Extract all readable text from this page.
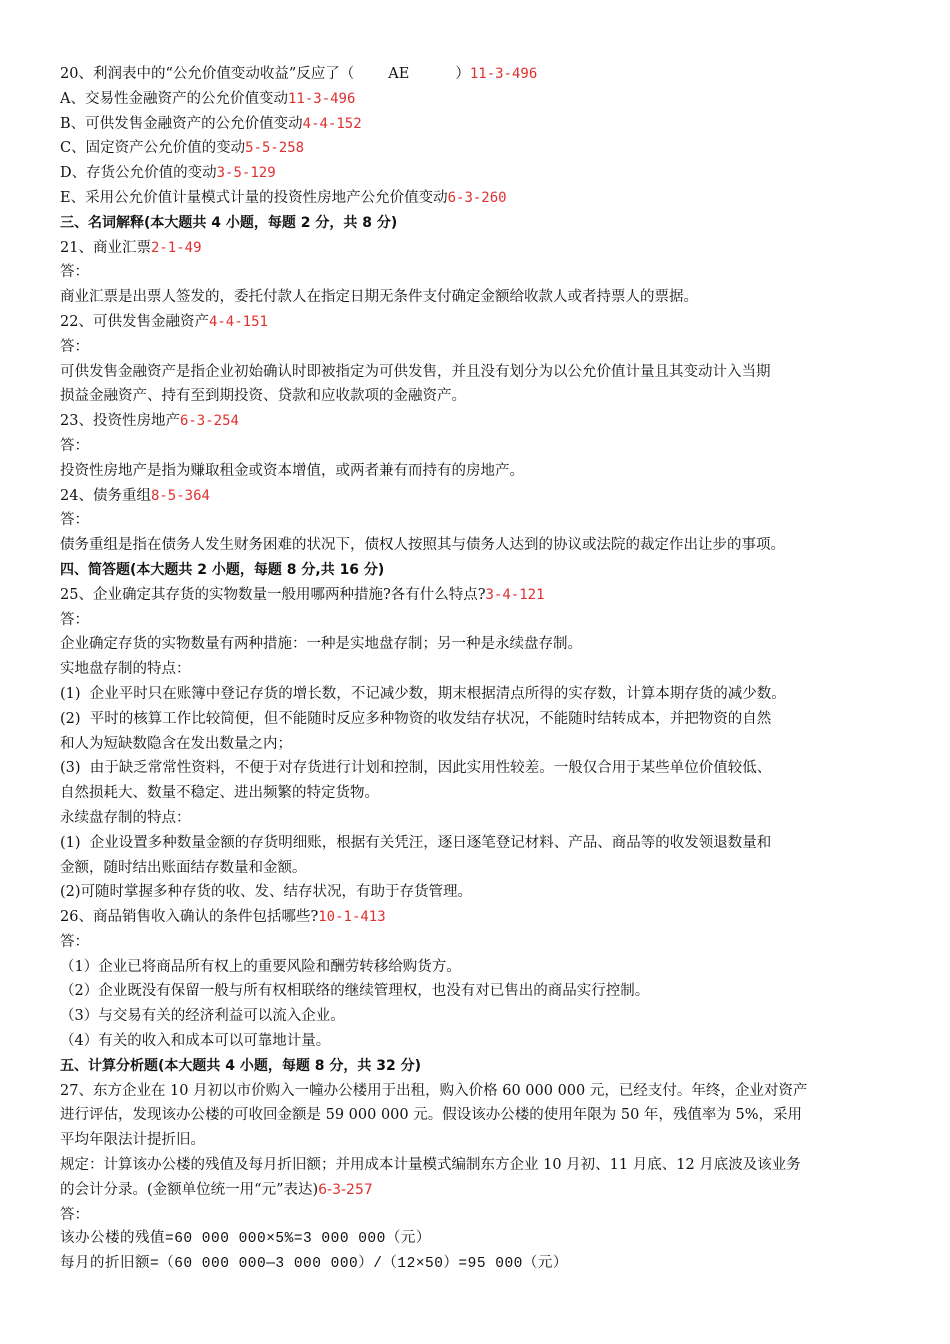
20、利润表中的“公允价值变动收益”反应了（ AE	）11-3-496
A、交易性金融资产的公允价值变动11-3-496
B、可供发售金融资产的公允价值变动4-4-152
C、固定资产公允价值的变动5-5-258
D、存货公允价值的变动3-5-129
E、采用公允价值计量模式计量的投资性房地产公允价值变动6-3-260
三、名词解释(本大题共 4 小题，每题 2 分，共 8 分)
21、商业汇票2-1-49
答：
商业汇票是出票人签发的，委托付款人在指定日期无条件支付确定金额给收款人或者持票人的票据。
22、可供发售金融资产4-4-151
答：
可供发售金融资产是指企业初始确认时即被指定为可供发售，并且没有划分为以公允价值计量且其变动计入当期
损益金融资产、持有至到期投资、贷款和应收款项的金融资产。
23、投资性房地产6-3-254
答：
投资性房地产是指为赚取租金或资本增值，或两者兼有而持有的房地产。
24、债务重组8-5-364
答：
债务重组是指在债务人发生财务困难的状况下，债权人按照其与债务人达到的协议或法院的裁定作出让步的事项。
四、简答题(本大题共 2 小题，每题 8 分,共 16 分)
25、企业确定其存货的实物数量一般用哪两种措施?各有什么特点?3-4-121
答：
企业确定存货的实物数量有两种措施：一种是实地盘存制；另一种是永续盘存制。
实地盘存制的特点：
(1)  企业平时只在账簿中登记存货的增长数，不记减少数，期末根据清点所得的实存数，计算本期存货的减少数。
(2)  平时的核算工作比较简便，但不能随时反应多种物资的收发结存状况，不能随时结转成本，并把物资的自然
和人为短缺数隐含在发出数量之内；
(3)  由于缺乏常常性资料，不便于对存货进行计划和控制，因此实用性较差。一般仅合用于某些单位价值较低、
自然损耗大、数量不稳定、进出频繁的特定货物。
永续盘存制的特点：
(1)  企业设置多种数量金额的存货明细账，根据有关凭汪，逐日逐笔登记材料、产品、商品等的收发领退数量和
金额，随时结出账面结存数量和金额。
(2)可随时掌握多种存货的收、发、结存状况，有助于存货管理。
26、商品销售收入确认的条件包括哪些?10-1-413
答：
（1）企业已将商品所有权上的重要风险和酬劳转移给购货方。
（2）企业既没有保留一般与所有权相联络的继续管理权，也没有对已售出的商品实行控制。
（3）与交易有关的经济利益可以流入企业。
（4）有关的收入和成本可以可靠地计量。
五、计算分析题(本大题共 4 小题，每题 8 分，共 32 分)
27、东方企业在 10 月初以市价购入一幢办公楼用于出租，购入价格 60 000 000 元，已经支付。年终，企业对资产
进行评估，发现该办公楼的可收回金额是 59 000 000 元。假设该办公楼的使用年限为 50 年，残值率为 5%，采用
平均年限法计提折旧。
规定：计算该办公楼的残值及每月折旧额；并用成本计量模式编制东方企业 10 月初、11 月底、12 月底波及该业务
的会计分录。(金额单位统一用“元”表达)6-3-257
答：
该办公楼的残值=60 000 000×5%=3 000 000（元）
每月的折旧额=（60 000 000—3 000 000）/（12×50）=95 000（元）
